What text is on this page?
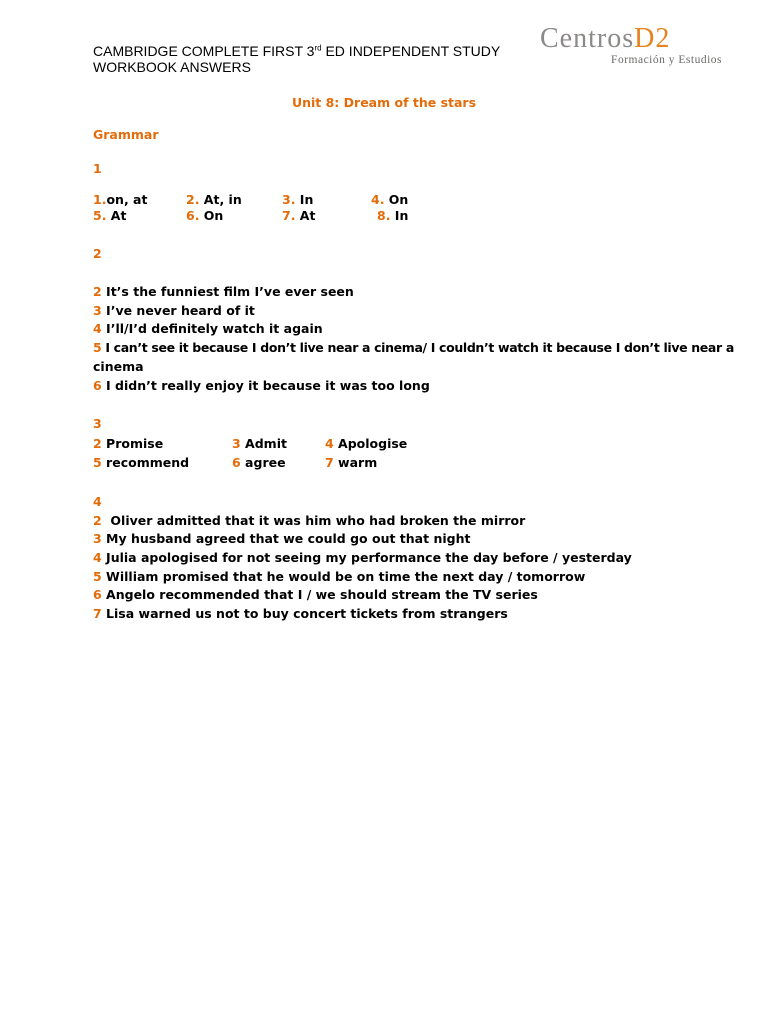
CAMBRIDGE COMPLETE FIRST 3rd ED INDEPENDENT STUDY
WORKBOOK ANSWERS
CentrosD2
Formación y Estudios
Unit 8: Dream of the stars
Grammar
1
1.on, at	2. At, in	3. In	4. On
5. At	6. On	7. At	8. In
2
2 It’s the funniest film I’ve ever seen
3 I’ve never heard of it
4 I’ll/I’d definitely watch it again
5 I can’t see it because I don’t live near a cinema/ I couldn’t watch it because I don’t live near a
cinema
6 I didn’t really enjoy it because it was too long
3
2 Promise	3 Admit	4 Apologise
5 recommend	6 agree	7 warm
4
2  Oliver admitted that it was him who had broken the mirror
3 My husband agreed that we could go out that night
4 Julia apologised for not seeing my performance the day before / yesterday
5 William promised that he would be on time the next day / tomorrow
6 Angelo recommended that I / we should stream the TV series
7 Lisa warned us not to buy concert tickets from strangers
